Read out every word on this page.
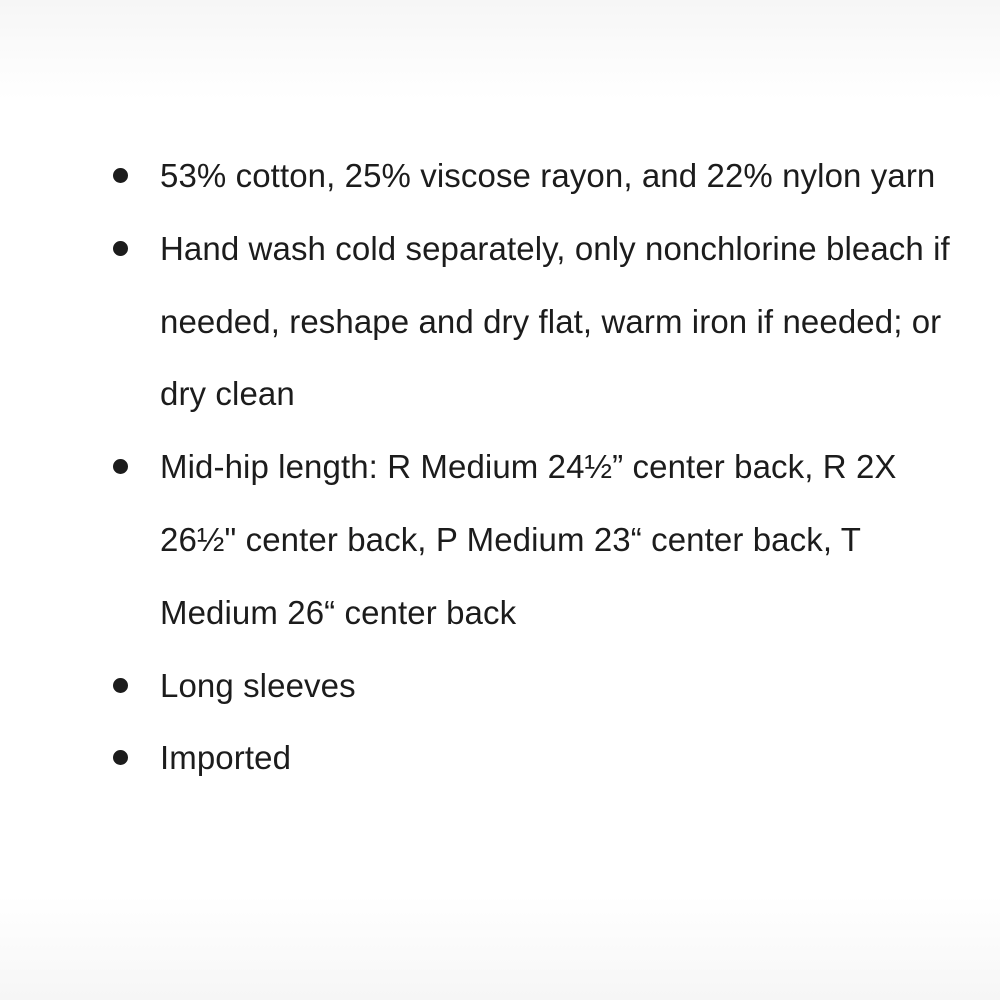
53% cotton, 25% viscose rayon, and 22% nylon yarn
Hand wash cold separately, only nonchlorine bleach if needed, reshape and dry flat, warm iron if needed; or dry clean
Mid-hip length: R Medium 24½” center back, R 2X 26½" center back, P Medium 23“ center back, T Medium 26“ center back
Long sleeves
Imported
